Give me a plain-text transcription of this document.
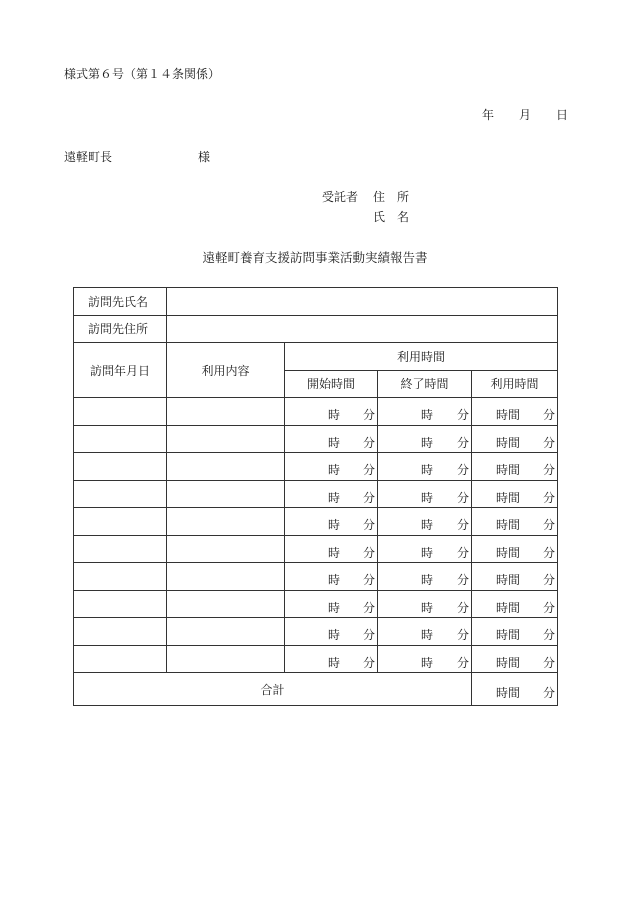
様式第６号（第１４条関係）
年 月 日
遠軽町長	様
受託者 住　所
氏　名
遠軽町養育支援訪問事業活動実績報告書
訪問先氏名				
訪問先住所				
訪問年月日	利用内容	利用時間		
		開始時間	終了時間	利用時間

		時 分	時 分	時間 分

		時 分	時 分	時間 分

		時 分	時 分	時間 分

		時 分	時 分	時間 分

		時 分	時 分	時間 分

		時 分	時 分	時間 分

		時 分	時 分	時間 分

		時 分	時 分	時間 分

		時 分	時 分	時間 分

		時 分	時 分	時間 分

合計				時間 分
